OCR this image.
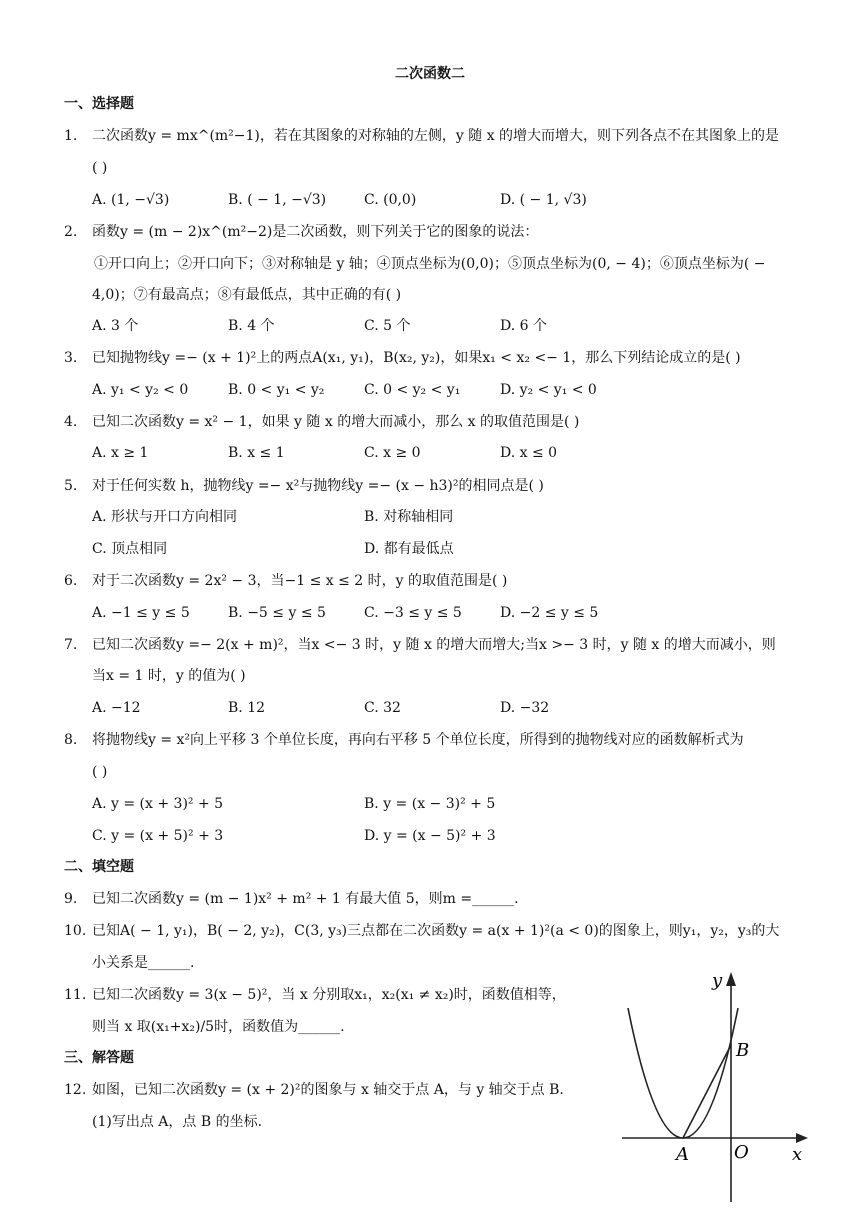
二次函数二
一、选择题
1. 二次函数y = mx^(m²−1)，若在其图象的对称轴的左侧，y 随 x 的增大而增大，则下列各点不在其图象上的是
( )
A. (1, −√3)	B. ( − 1, −√3)	C. (0,0)	D. ( − 1, √3)
2. 函数y = (m − 2)x^(m²−2)是二次函数，则下列关于它的图象的说法：
①开口向上；②开口向下；③对称轴是 y 轴；④顶点坐标为(0,0)；⑤顶点坐标为(0, − 4)；⑥顶点坐标为( −
4,0)；⑦有最高点；⑧有最低点，其中正确的有( )
A. 3 个	B. 4 个	C. 5 个	D. 6 个
3. 已知抛物线y =− (x + 1)²上的两点A(x₁, y₁)，B(x₂, y₂)，如果x₁ < x₂ <− 1，那么下列结论成立的是( )
A. y₁ < y₂ < 0	B. 0 < y₁ < y₂	C. 0 < y₂ < y₁	D. y₂ < y₁ < 0
4. 已知二次函数y = x² − 1，如果 y 随 x 的增大而减小，那么 x 的取值范围是( )
A. x ≥ 1	B. x ≤ 1	C. x ≥ 0	D. x ≤ 0
5. 对于任何实数 h，抛物线y =− x²与抛物线y =− (x − h3)²的相同点是( )
A. 形状与开口方向相同	B. 对称轴相同
C. 顶点相同	D. 都有最低点
6. 对于二次函数y = 2x² − 3，当−1 ≤ x ≤ 2 时，y 的取值范围是( )
A. −1 ≤ y ≤ 5	B. −5 ≤ y ≤ 5	C. −3 ≤ y ≤ 5	D. −2 ≤ y ≤ 5
7. 已知二次函数y =− 2(x + m)²，当x <− 3 时，y 随 x 的增大而增大;当x >− 3 时，y 随 x 的增大而减小，则
当x = 1 时，y 的值为( )
A. −12	B. 12	C. 32	D. −32
8. 将抛物线y = x²向上平移 3 个单位长度，再向右平移 5 个单位长度，所得到的抛物线对应的函数解析式为
( )
A. y = (x + 3)² + 5	B. y = (x − 3)² + 5
C. y = (x + 5)² + 3	D. y = (x − 5)² + 3
二、填空题
9. 已知二次函数y = (m − 1)x² + m² + 1 有最大值 5，则m =______.
10. 已知A( − 1, y₁)，B( − 2, y₂)，C(3, y₃)三点都在二次函数y = a(x + 1)²(a < 0)的图象上，则y₁，y₂，y₃的大
小关系是______.
11. 已知二次函数y = 3(x − 5)²，当 x 分别取x₁，x₂(x₁ ≠ x₂)时，函数值相等，
则当 x 取(x₁+x₂)/5时，函数值为______.
三、解答题
12. 如图，已知二次函数y = (x + 2)²的图象与 x 轴交于点 A，与 y 轴交于点 B.
(1)写出点 A，点 B 的坐标.
y
x
A	O
B
